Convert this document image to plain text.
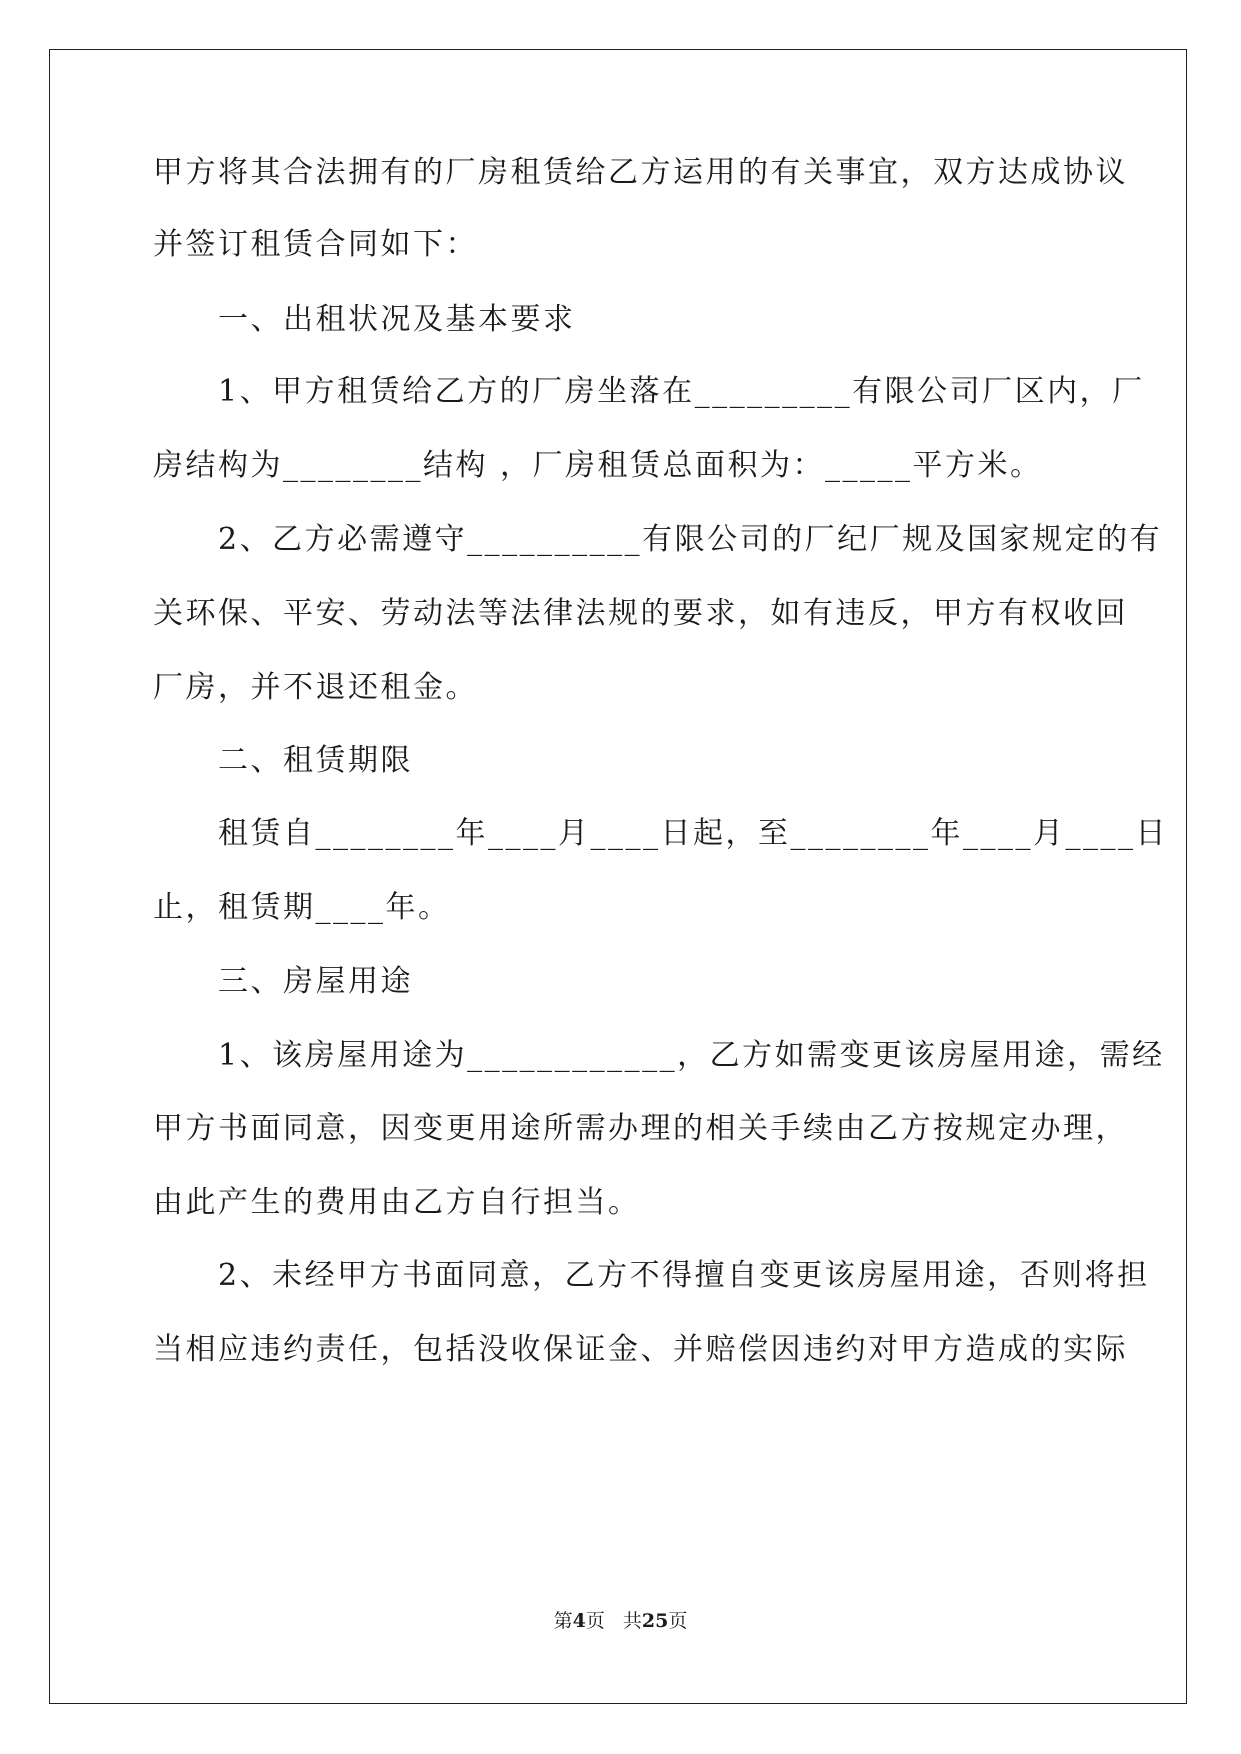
甲方将其合法拥有的厂房租赁给乙方运用的有关事宜，双方达成协议

并签订租赁合同如下：

　　一、出租状况及基本要求

　　1、甲方租赁给乙方的厂房坐落在_________有限公司厂区内，厂

房结构为________结构 ，厂房租赁总面积为：_____平方米。

　　2、乙方必需遵守__________有限公司的厂纪厂规及国家规定的有

关环保、平安、劳动法等法律法规的要求，如有违反，甲方有权收回

厂房，并不退还租金。

　　二、租赁期限

　　租赁自________年____月____日起，至________年____月____日

止，租赁期____年。

　　三、房屋用途

　　1、该房屋用途为____________，乙方如需变更该房屋用途，需经

甲方书面同意，因变更用途所需办理的相关手续由乙方按规定办理，

由此产生的费用由乙方自行担当。

　　2、未经甲方书面同意，乙方不得擅自变更该房屋用途，否则将担

当相应违约责任，包括没收保证金、并赔偿因违约对甲方造成的实际

第4页 共25页
